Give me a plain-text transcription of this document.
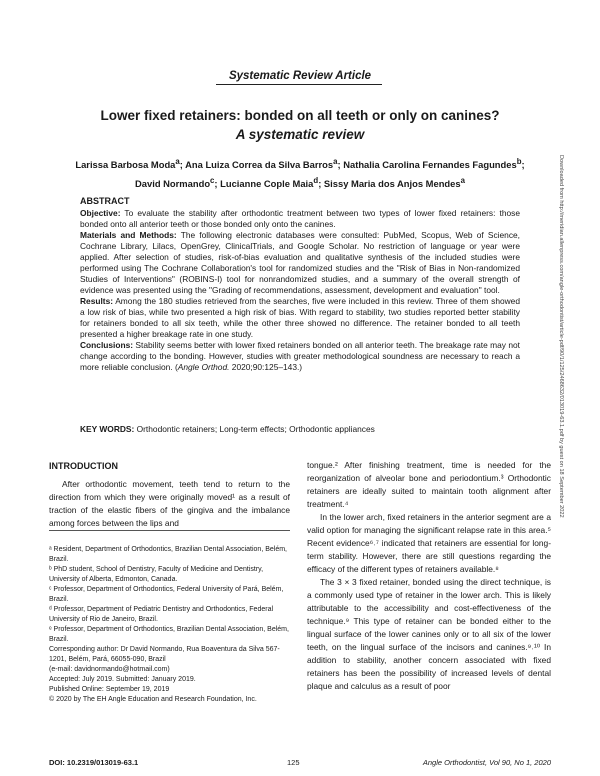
Systematic Review Article
Lower fixed retainers: bonded on all teeth or only on canines?
A systematic review
Larissa Barbosa Moda$^a$; Ana Luiza Correa da Silva Barros$^a$; Nathalia Carolina Fernandes Fagundes$^b$;
David Normando$^c$; Lucianne Cople Maia$^d$; Sissy Maria dos Anjos Mendes$^a$
ABSTRACT

Objective: To evaluate the stability after orthodontic treatment between two types of lower fixed retainers: those bonded onto all anterior teeth or those bonded only onto the canines.

Materials and Methods: The following electronic databases were consulted: PubMed, Scopus, Web of Science, Cochrane Library, Lilacs, OpenGrey, ClinicalTrials, and Google Scholar. No restriction of language or year were applied. After selection of studies, risk-of-bias evaluation and qualitative synthesis of the included studies were performed using The Cochrane Collaboration's tool for randomized studies and the "Risk of Bias in Non-randomized Studies of Interventions" (ROBINS-I) tool for nonrandomized studies, and a summary of the overall strength of evidence was presented using the "Grading of recommendations, assessment, development and evaluation" tool.

Results: Among the 180 studies retrieved from the searches, five were included in this review. Three of them showed a low risk of bias, while two presented a high risk of bias. With regard to stability, two studies reported better stability for retainers bonded to all six teeth, while the other three showed no difference. The retainer bonded to all teeth presented a higher breakage rate in one study.

Conclusions: Stability seems better with lower fixed retainers bonded on all anterior teeth. The breakage rate may not change according to the bonding. However, studies with greater methodological soundness are necessary to reach a more reliable conclusion. (Angle Orthod. 2020;90:125–143.)

KEY WORDS: Orthodontic retainers; Long-term effects; Orthodontic appliances
INTRODUCTION

After orthodontic movement, teeth tend to return to the direction from which they were originally moved¹ as a result of traction of the elastic fibers of the gingiva and the imbalance among forces between the lips and

ᵃ Resident, Department of Orthodontics, Brazilian Dental Association, Belém, Brazil.

ᵇ PhD student, School of Dentistry, Faculty of Medicine and Dentistry, University of Alberta, Edmonton, Canada.

ᶜ Professor, Department of Orthodontics, Federal University of Pará, Belém, Brazil.

ᵈ Professor, Department of Pediatric Dentistry and Orthodontics, Federal University of Rio de Janeiro, Brazil.

ᵉ Professor, Department of Orthodontics, Brazilian Dental Association, Belém, Brazil.

Corresponding author: Dr David Normando, Rua Boaventura da Silva 567-1201, Belém, Pará, 66055-090, Brazil

(e-mail: davidnormando@hotmail.com)

Accepted: July 2019. Submitted: January 2019.

Published Online: September 19, 2019

© 2020 by The EH Angle Education and Research Foundation, Inc.

tongue.² After finishing treatment, time is needed for the reorganization of alveolar bone and periodontium.³ Orthodontic retainers are ideally suited to maintain tooth alignment after treatment.⁴

In the lower arch, fixed retainers in the anterior segment are a valid option for managing the significant relapse rate in this area.⁵ Recent evidence⁶˒⁷ indicated that retainers are essential for long-term stability. However, there are still questions regarding the efficacy of the different types of retainers available.⁸

The 3 × 3 fixed retainer, bonded using the direct technique, is a commonly used type of retainer in the lower arch. This is likely attributable to the accessibility and cost-effectiveness of the technique.⁹ This type of retainer can be bonded either to the lingual surface of the lower canines only or to all six of the lower teeth, on the lingual surface of the incisors and canines.⁹˒¹⁰ In addition to stability, another concern associated with fixed retainers has been the possibility of increased levels of dental plaque and calculus as a result of poor

DOI: 10.2319/013019-63.1	125	Angle Orthodontist, Vol 90, No 1, 2020
Downloaded from http://meridian.allenpress.com/angle-orthodontist/article-pdf/90/1/125/2468632/013019-63.1.pdf by guest on 18 September 2022
